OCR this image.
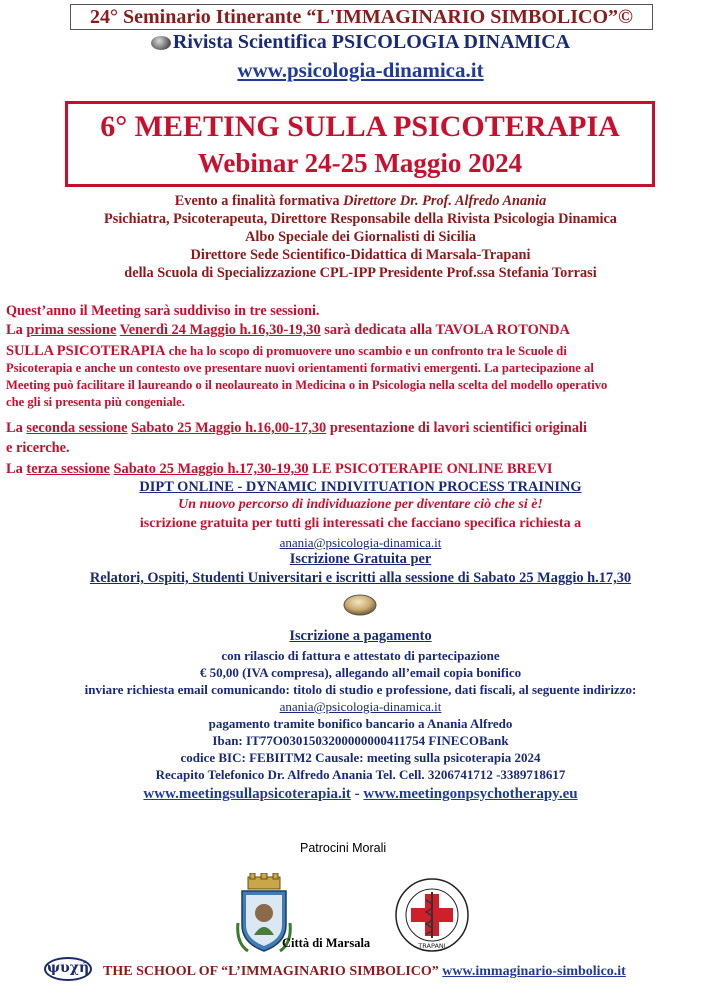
24° Seminario Itinerante “L'IMMAGINARIO SIMBOLICO”©
Rivista Scientifica PSICOLOGIA DINAMICA
www.psicologia-dinamica.it
6° MEETING SULLA PSICOTERAPIA
Webinar 24-25 Maggio 2024
Evento a finalità formativa Direttore Dr. Prof. Alfredo Anania
Psichiatra, Psicoterapeuta, Direttore Responsabile della Rivista Psicologia Dinamica
Albo Speciale dei Giornalisti di Sicilia
Direttore Sede Scientifico-Didattica di Marsala-Trapani
della Scuola di Specializzazione CPL-IPP Presidente Prof.ssa Stefania Torrasi
Quest’anno il Meeting sarà suddiviso in tre sessioni.
La prima sessione Venerdì 24 Maggio h.16,30-19,30 sarà dedicata alla TAVOLA ROTONDA
SULLA PSICOTERAPIA che ha lo scopo di promuovere uno scambio e un confronto tra le Scuole di
Psicoterapia e anche un contesto ove presentare nuovi orientamenti formativi emergenti. La partecipazione al
Meeting può facilitare il laureando o il neolaureato in Medicina o in Psicologia nella scelta del modello operativo
che gli si presenta più congeniale.
La seconda sessione Sabato 25 Maggio h.16,00-17,30 presentazione di lavori scientifici originali
e ricerche.
La terza sessione Sabato 25 Maggio h.17,30-19,30 LE PSICOTERAPIE ONLINE BREVI
DIPT ONLINE - DYNAMIC INDIVITUATION PROCESS TRAINING
Un nuovo percorso di individuazione per diventare ciò che si è!
iscrizione gratuita per tutti gli interessati che facciano specifica richiesta a
anania@psicologia-dinamica.it
Iscrizione Gratuita per
Relatori, Ospiti, Studenti Universitari e iscritti alla sessione di Sabato 25 Maggio h.17,30
Iscrizione a pagamento
con rilascio di fattura e attestato di partecipazione
€ 50,00 (IVA compresa), allegando all’email copia bonifico
inviare richiesta email comunicando: titolo di studio e professione, dati fiscali, al seguente indirizzo:
anania@psicologia-dinamica.it
pagamento tramite bonifico bancario a Anania Alfredo
Iban: IT77O0301503200000000411754 FINECOBank
codice BIC: FEBIITM2 Causale: meeting sulla psicoterapia 2024
Recapito Telefonico Dr. Alfredo Anania Tel. Cell. 3206741712 -3389718617
www.meetingsullapsicoterapia.it - www.meetingonpsychotherapy.eu
Patrocini Morali
TRAPANI
Città di Marsala
ψυχή THE SCHOOL OF “L’IMMAGINARIO SIMBOLICO” www.immaginario-simbolico.it
